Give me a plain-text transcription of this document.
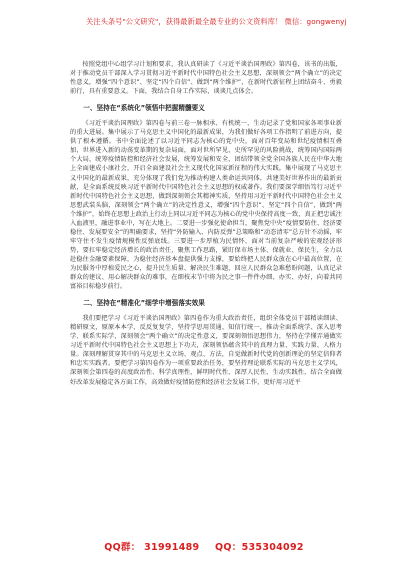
关注头条号"公文研究"，获得最新最全最专业的公文资料库！ 微信：gongwenyj

按照党组中心组学习计划和要求，我认真研读了《习近平谈治国理政》第四卷，该书的出版，对于推动党员干部深入学习贯彻习近平新时代中国特色社会主义思想，深刻领会“两个确立”的决定性意义，增强“四个意识”、坚定“四个自信”、做到“两个维护”，在新时代新征程上团结奋斗、勇毅前行，具有重要意义。下面，我结合自身工作实际，谈谈几点体会。

一、坚持在“系统化”领悟中把握精髓要义

《习近平谈治国理政》第四卷与前三卷一脉相承、有机统一，生动记录了党和国家各项事业新的重大进展。集中展示了马克思主义中国化的最新成果，为我们做好各项工作指明了前进方向，提供了根本遵循。书中全面论述了以习近平同志为核心的党中央，面对百年变局和世纪疫情相互叠加，世界进入新的动荡变革期的复杂局面，面对世所罕见、史所罕见的风险挑战，统筹国内国际两个大局，统筹疫情防控和经济社会发展，统筹发展和安全，团结带领全党全国各族人民在中华大地上全面建成小康社会，开启全面建设社会主义现代化国家新征程的伟大实践。集中展现了马克思主义中国化的最新成果，充分体现了我们党为推动构建人类命运共同体，共建美好世界作出的最新贡献，是全面系统反映习近平新时代中国特色社会主义思想的权威著作。我们要深学细悟笃行习近平新时代中国特色社会主义思想，做到深刻领会其精神实质，坚持用习近平新时代中国特色社会主义思想武装头脑，深刻领会“两个确立”的决定性意义，增强“四个意识”、坚定“四个自信”，做到“两个维护”，始终在思想上政治上行动上同以习近平同志为核心的党中央保持高度一致，真正把忠诚注入血液里，融进事业中，写在大地上。二要进一步强化使命担当，聚焦党中央“疫情要防住、经济要稳住、发展要安全”的明确要求，坚持“外防输入、内防反弹”总策略和“动态清零”总方针不动摇，牢牢守住不发生疫情规模性反弹底线。三要进一步厚植为民情怀，面对当前复杂严峻的宏观经济形势，要扛牢稳定经济增长的政治责任，聚焦工作思路，紧盯保市场主体、保就业、保民生，全力以赴稳住金融要素保障，为稳住经济基本盘提供强力支撑，要始终把人民群众放在心中最高位置，在为民服务中厚植爱民之心，提升民生质量、解决民生难题，回应人民群众急难愁盼问题，认真记录群众的建议、用心解决群众的难事，在细枝末节中将为民之事一件件办细、办实、办好，向着共同富裕目标稳步前行。

二、坚持在“精准化”细学中增强落实效果

我们要把学习《习近平谈治国理政》第四卷作为重大政治责任，组织全体党员干部精读细读、精研原文，原原本本学、反反复复学，坚持学思用贯通、知信行统一，推动全面系统学、深入思考学、联系实际学，深刻领会“两个确立”的决定性意义，要深刻领悟思想伟力，坚持在学懂弄通做实习近平新时代中国特色社会主义思想上下功夫，深刻领悟蕴含其中的真理力量、实践力量、人格力量。深刻理解贯穿其中的马克思主义立场、观点、方法，自觉做新时代党的创新理论的坚定信仰者和忠实实践者。要把学习第四卷作为一项重要政治任务，要坚持理论联系实际的马克思主义学风，深刻领会第四卷的高度政治性、科学真理性、鲜明时代性、深厚人民性、生动实践性，结合全面做好改革发展稳定各方面工作，高效做好疫情防控和经济社会发展工作，更好用习近平

QQ群： 31991489 QQ：535304092
